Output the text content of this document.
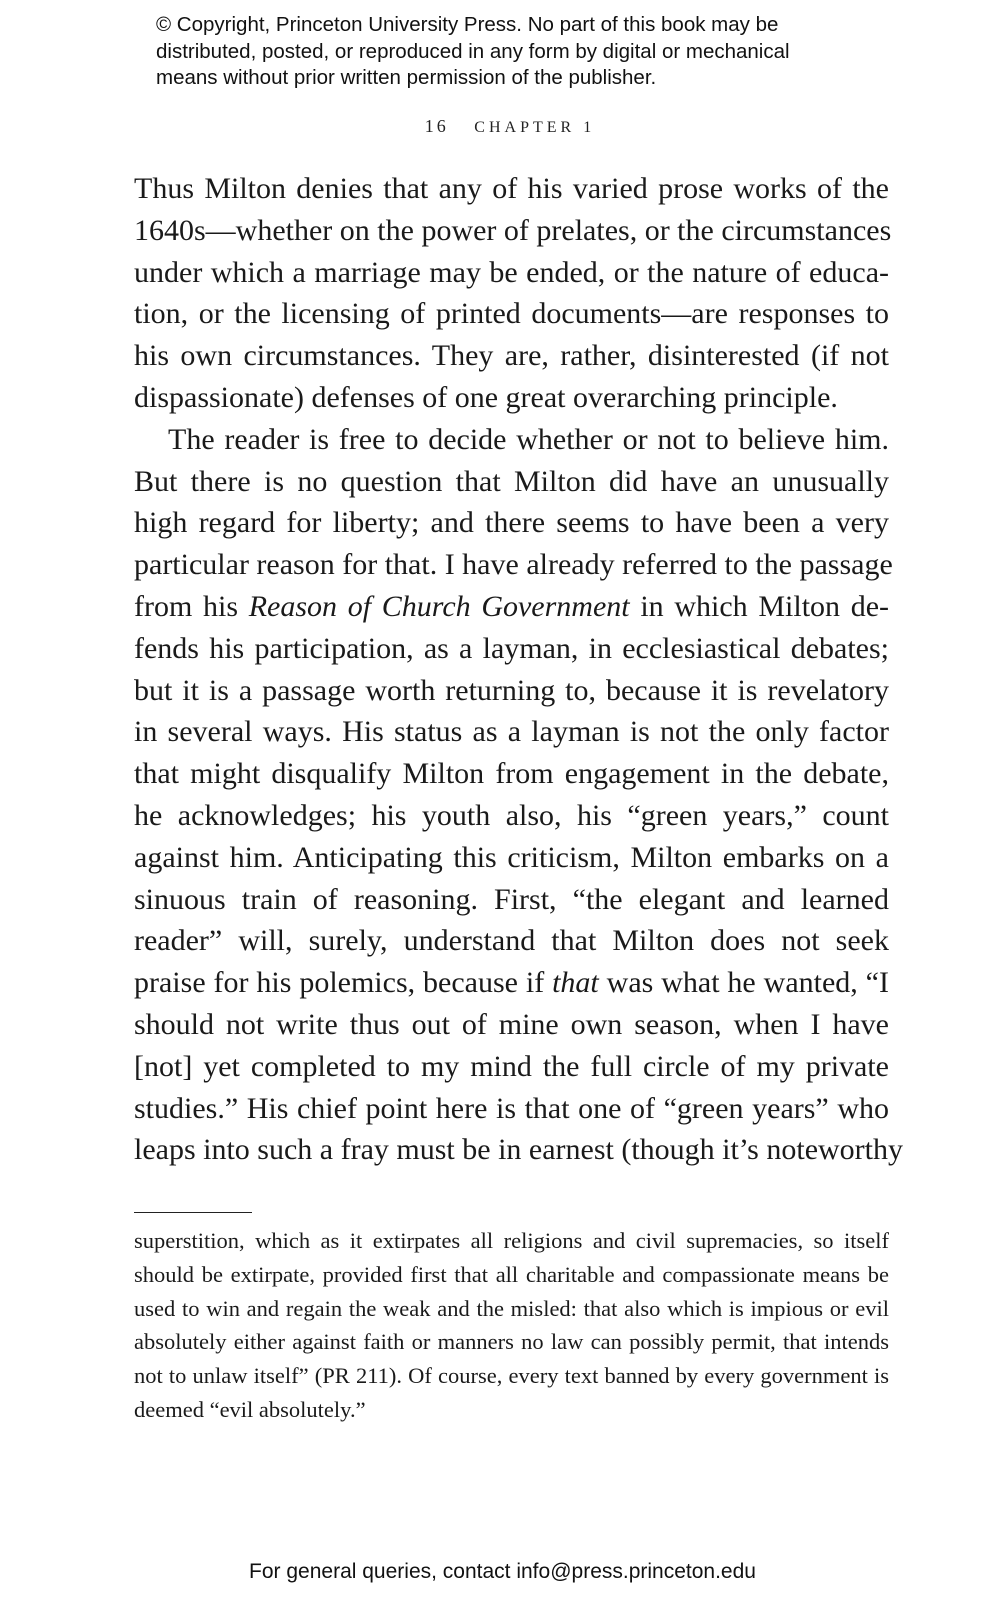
© Copyright, Princeton University Press. No part of this book may be
distributed, posted, or reproduced in any form by digital or mechanical
means without prior written permission of the publisher.
16 CHAPTER 1
Thus Milton denies that any of his varied prose works of the
1640s—whether on the power of prelates, or the circumstances
under which a marriage may be ended, or the nature of educa-
tion, or the licensing of printed documents—are responses to
his own circumstances. They are, rather, disinterested (if not
dispassionate) defenses of one great overarching principle.
The reader is free to decide whether or not to believe him.
But there is no question that Milton did have an unusually
high regard for liberty; and there seems to have been a very
particular reason for that. I have already referred to the passage
from his Reason of Church Government in which Milton de-
fends his participation, as a layman, in ecclesiastical debates;
but it is a passage worth returning to, because it is revelatory
in several ways. His status as a layman is not the only factor
that might disqualify Milton from engagement in the debate,
he acknowledges; his youth also, his “green years,” count
against him. Anticipating this criticism, Milton embarks on a
sinuous train of reasoning. First, “the elegant and learned
reader” will, surely, understand that Milton does not seek
praise for his polemics, because if that was what he wanted, “I
should not write thus out of mine own season, when I have
[not] yet completed to my mind the full circle of my private
studies.” His chief point here is that one of “green years” who
leaps into such a fray must be in earnest (though it’s noteworthy
superstition, which as it extirpates all religions and civil supremacies, so itself
should be extirpate, provided first that all charitable and compassionate means be
used to win and regain the weak and the misled: that also which is impious or evil
absolutely either against faith or manners no law can possibly permit, that intends
not to unlaw itself” (PR 211). Of course, every text banned by every government is
deemed “evil absolutely.”
For general queries, contact info@press.princeton.edu
